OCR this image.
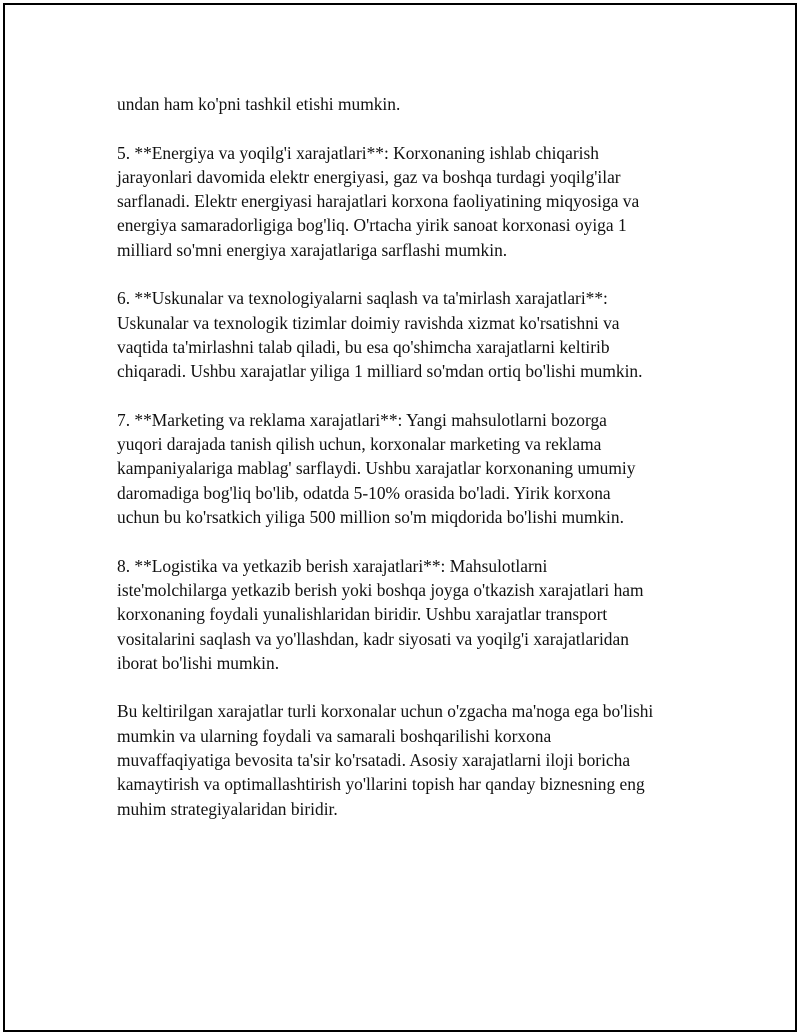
undan ham ko'pni tashkil etishi mumkin.

5. **Energiya va yoqilg'i xarajatlari**: Korxonaning ishlab chiqarish
jarayonlari davomida elektr energiyasi, gaz va boshqa turdagi yoqilg'ilar
sarflanadi. Elektr energiyasi harajatlari korxona faoliyatining miqyosiga va
energiya samaradorligiga bog'liq. O'rtacha yirik sanoat korxonasi oyiga 1
milliard so'mni energiya xarajatlariga sarflashi mumkin.

6. **Uskunalar va texnologiyalarni saqlash va ta'mirlash xarajatlari**:
Uskunalar va texnologik tizimlar doimiy ravishda xizmat ko'rsatishni va
vaqtida ta'mirlashni talab qiladi, bu esa qo'shimcha xarajatlarni keltirib
chiqaradi. Ushbu xarajatlar yiliga 1 milliard so'mdan ortiq bo'lishi mumkin.

7. **Marketing va reklama xarajatlari**: Yangi mahsulotlarni bozorga
yuqori darajada tanish qilish uchun, korxonalar marketing va reklama
kampaniyalariga mablag' sarflaydi. Ushbu xarajatlar korxonaning umumiy
daromadiga bog'liq bo'lib, odatda 5-10% orasida bo'ladi. Yirik korxona
uchun bu ko'rsatkich yiliga 500 million so'm miqdorida bo'lishi mumkin.

8. **Logistika va yetkazib berish xarajatlari**: Mahsulotlarni
iste'molchilarga yetkazib berish yoki boshqa joyga o'tkazish xarajatlari ham
korxonaning foydali yunalishlaridan biridir. Ushbu xarajatlar transport
vositalarini saqlash va yo'llashdan, kadr siyosati va yoqilg'i xarajatlaridan
iborat bo'lishi mumkin.

Bu keltirilgan xarajatlar turli korxonalar uchun o'zgacha ma'noga ega bo'lishi
mumkin va ularning foydali va samarali boshqarilishi korxona
muvaffaqiyatiga bevosita ta'sir ko'rsatadi. Asosiy xarajatlarni iloji boricha
kamaytirish va optimallashtirish yo'llarini topish har qanday biznesning eng
muhim strategiyalaridan biridir.
